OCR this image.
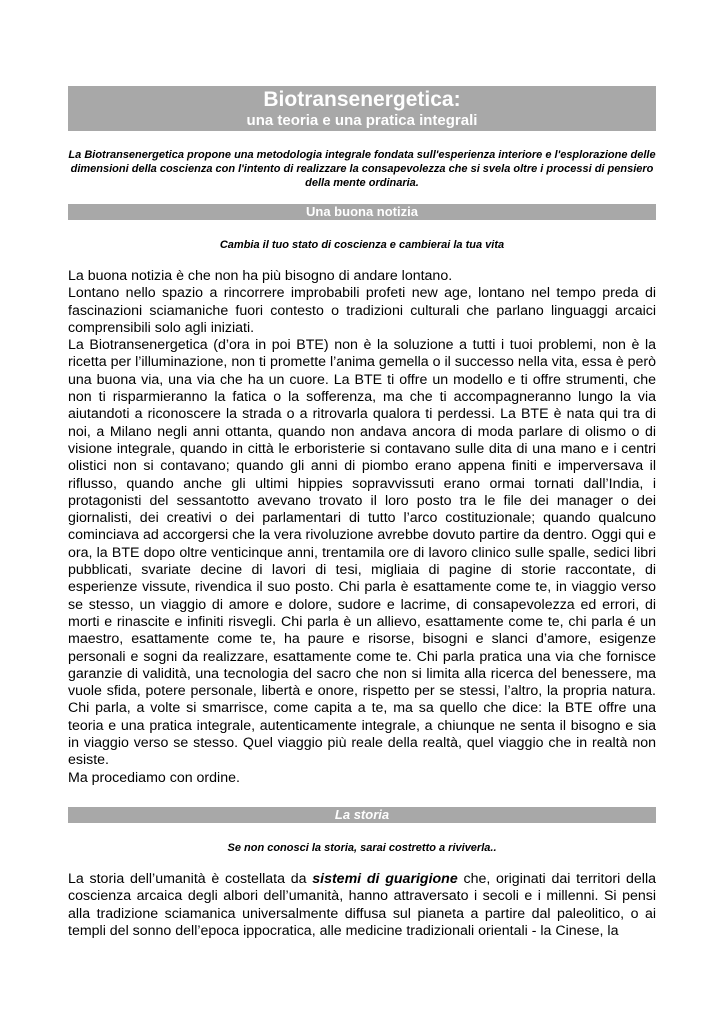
Biotransenergetica:
una teoria e una pratica integrali
La Biotransenergetica propone una metodologia integrale fondata sull'esperienza interiore e l'esplorazione delle dimensioni della coscienza con l'intento di realizzare la consapevolezza che si svela oltre i processi di pensiero della mente ordinaria.
Una buona notizia
Cambia il tuo stato di coscienza e cambierai la tua vita

La buona notizia è che non ha più bisogno di andare lontano.

Lontano nello spazio a rincorrere improbabili profeti new age, lontano nel tempo preda di fascinazioni sciamaniche fuori contesto o tradizioni culturali che parlano linguaggi arcaici comprensibili solo agli iniziati.

La Biotransenergetica (d’ora in poi BTE) non è la soluzione a tutti i tuoi problemi, non è la ricetta per l’illuminazione, non ti promette l’anima gemella o il successo nella vita, essa è però una buona via, una via che ha un cuore. La BTE ti offre un modello e ti offre strumenti, che non ti risparmieranno la fatica o la sofferenza, ma che ti accompagneranno lungo la via aiutandoti a riconoscere la strada o a ritrovarla qualora ti perdessi. La BTE è nata qui tra di noi, a Milano negli anni ottanta, quando non andava ancora di moda parlare di olismo o di visione integrale, quando in città le erboristerie si contavano sulle dita di una mano e i centri olistici non si contavano; quando gli anni di piombo erano appena finiti e imperversava il riflusso, quando anche gli ultimi hippies sopravvissuti erano ormai tornati dall’India, i protagonisti del sessantotto avevano trovato il loro posto tra le file dei manager o dei giornalisti, dei creativi o dei parlamentari di tutto l’arco costituzionale; quando qualcuno cominciava ad accorgersi che la vera rivoluzione avrebbe dovuto partire da dentro. Oggi qui e ora, la BTE dopo oltre venticinque anni, trentamila ore di lavoro clinico sulle spalle, sedici libri pubblicati, svariate decine di lavori di tesi, migliaia di pagine di storie raccontate, di esperienze vissute, rivendica il suo posto. Chi parla è esattamente come te, in viaggio verso se stesso, un viaggio di amore e dolore, sudore e lacrime, di consapevolezza ed errori, di morti e rinascite e infiniti risvegli. Chi parla è un allievo, esattamente come te, chi parla é un maestro, esattamente come te, ha paure e risorse, bisogni e slanci d’amore, esigenze personali e sogni da realizzare, esattamente come te. Chi parla pratica una via che fornisce garanzie di validità, una tecnologia del sacro che non si limita alla ricerca del benessere, ma vuole sfida, potere personale, libertà e onore, rispetto per se stessi, l’altro, la propria natura. Chi parla, a volte si smarrisce, come capita a te, ma sa quello che dice: la BTE offre una teoria e una pratica integrale, autenticamente integrale, a chiunque ne senta il bisogno e sia in viaggio verso se stesso. Quel viaggio più reale della realtà, quel viaggio che in realtà non esiste.

Ma procediamo con ordine.

La storia
Se non conosci la storia, sarai costretto a riviverla..

La storia dell’umanità è costellata da sistemi di guarigione che, originati dai territori della coscienza arcaica degli albori dell’umanità, hanno attraversato i secoli e i millenni. Si pensi alla tradizione sciamanica universalmente diffusa sul pianeta a partire dal paleolitico, o ai templi del sonno dell’epoca ippocratica, alle medicine tradizionali orientali - la Cinese, la
